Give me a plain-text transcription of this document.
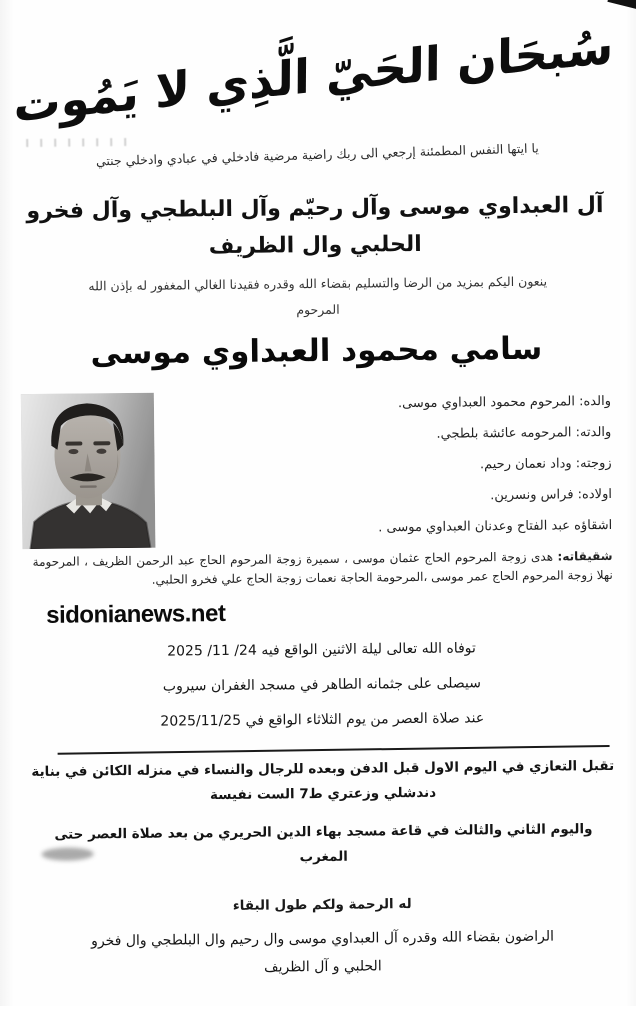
سُبحَان الحَيّ الَّذِي لا يَمُوت
يا ايتها النفس المطمئنة إرجعي الى ربك راضية مرضية فادخلي في عبادي وادخلي جنتي
آل العبداوي موسى وآل رحيّم وآل البلطجي وآل فخرو
الحلبي وال الظريف
ينعون اليكم بمزيد من الرضا والتسليم بقضاء الله وقدره فقيدنا الغالي المغفور له بإذن الله
المرحوم
سامي محمود العبداوي موسى
والده: المرحوم محمود العبداوي موسى.
والدته: المرحومه عائشة بلطجي.
زوجته: وداد نعمان رحيم.
اولاده: فراس ونسرين.
اشقاؤه عبد الفتاح وعدنان العبداوي موسى .
شقيقاته: هدى زوجة المرحوم الحاج عثمان موسى ، سميرة زوجة المرحوم الحاج عبد الرحمن الظريف ، المرحومة نهلا زوجة المرحوم الحاج عمر موسى ،المرحومة الحاجة نعمات زوجة الحاج علي فخرو الحلبي.
sidonianews.net
توفاه الله تعالى ليلة الاثنين الواقع فيه 24/ 11/ 2025
سيصلى على جثمانه الطاهر في مسجد الغفران سيروب
عند صلاة العصر من يوم الثلاثاء الواقع في 2025/11/25
تقبل التعازي في اليوم الاول قبل الدفن وبعده للرجال والنساء في منزله الكائن في بناية دندشلي وزعتري ط7 الست نفيسة
واليوم الثاني والثالث في قاعة مسجد بهاء الدين الحريري من بعد صلاة العصر حتى المغرب
له الرحمة ولكم طول البقاء
الراضون بقضاء الله وقدره آل العبداوي موسى وال رحيم وال البلطجي وال فخرو
الحلبي و آل الظريف
